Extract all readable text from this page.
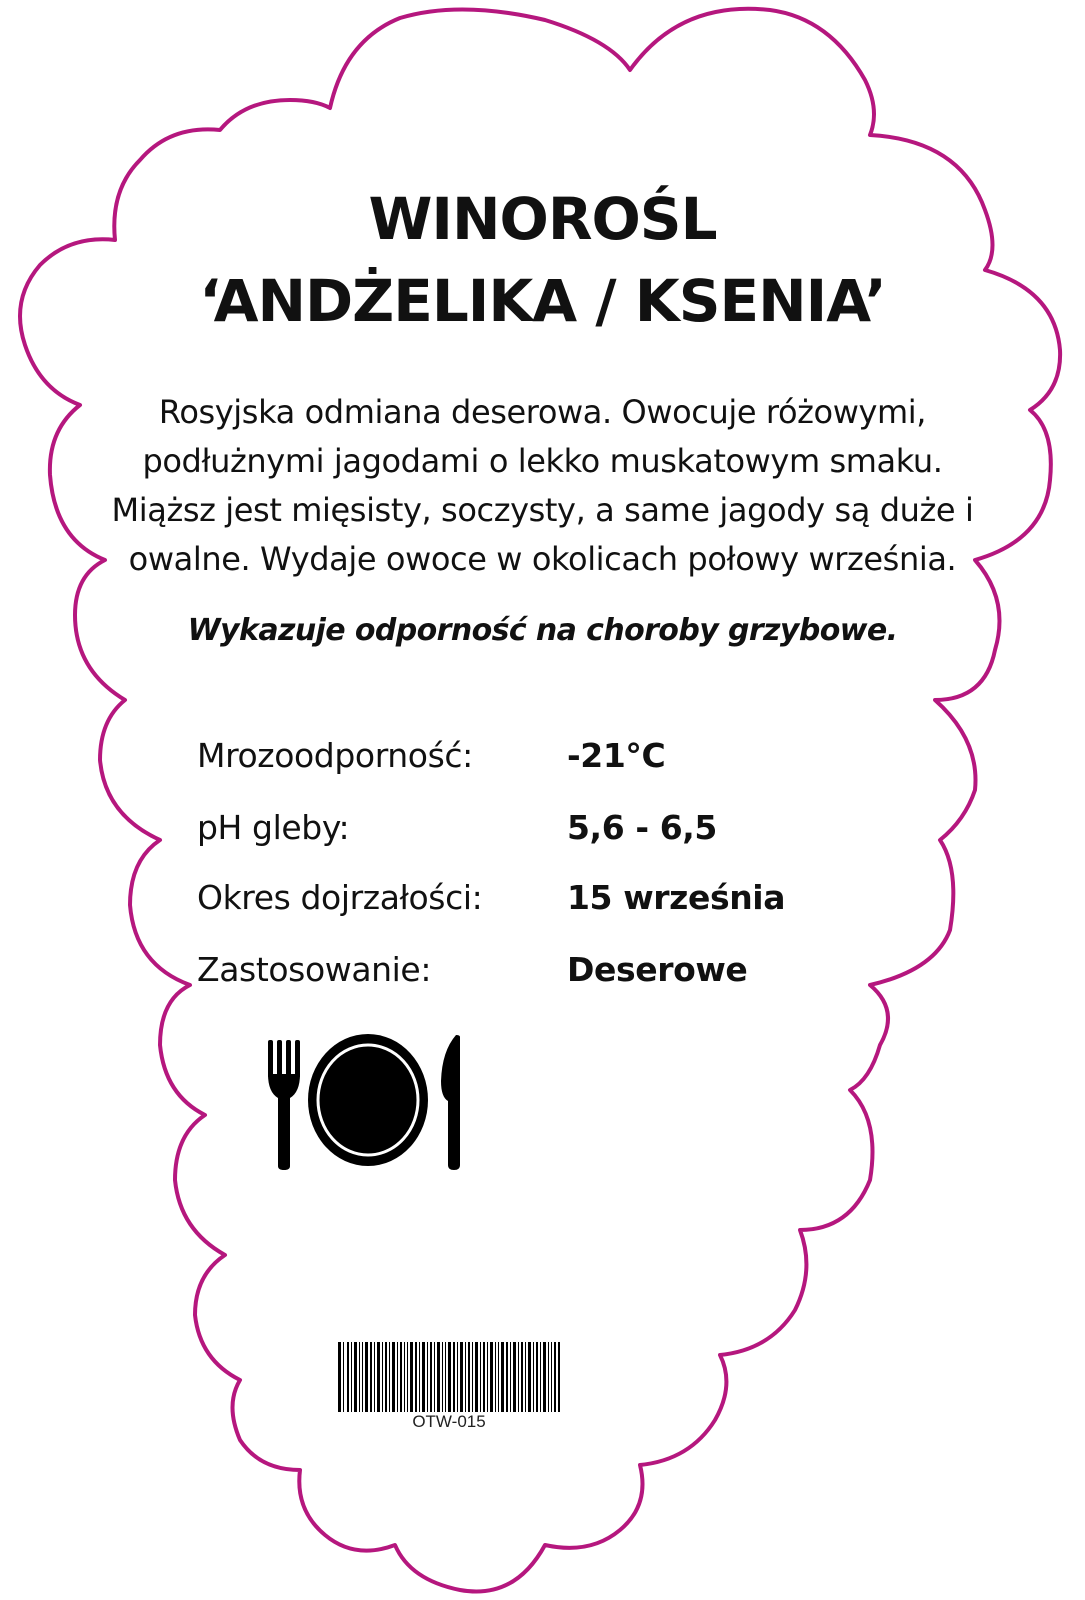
WINOROŚL
‘ANDŻELIKA / KSENIA’
Rosyjska odmiana deserowa. Owocuje różowymi,
podłużnymi jagodami o lekko muskatowym smaku.
Miąższ jest mięsisty, soczysty, a same jagody są duże i
owalne. Wydaje owoce w okolicach połowy września.
Wykazuje odporność na choroby grzybowe.
Mrozoodporność:	-21°C
pH gleby:	5,6 - 6,5
Okres dojrzałości:	15 września
Zastosowanie:	Deserowe
OTW-015
